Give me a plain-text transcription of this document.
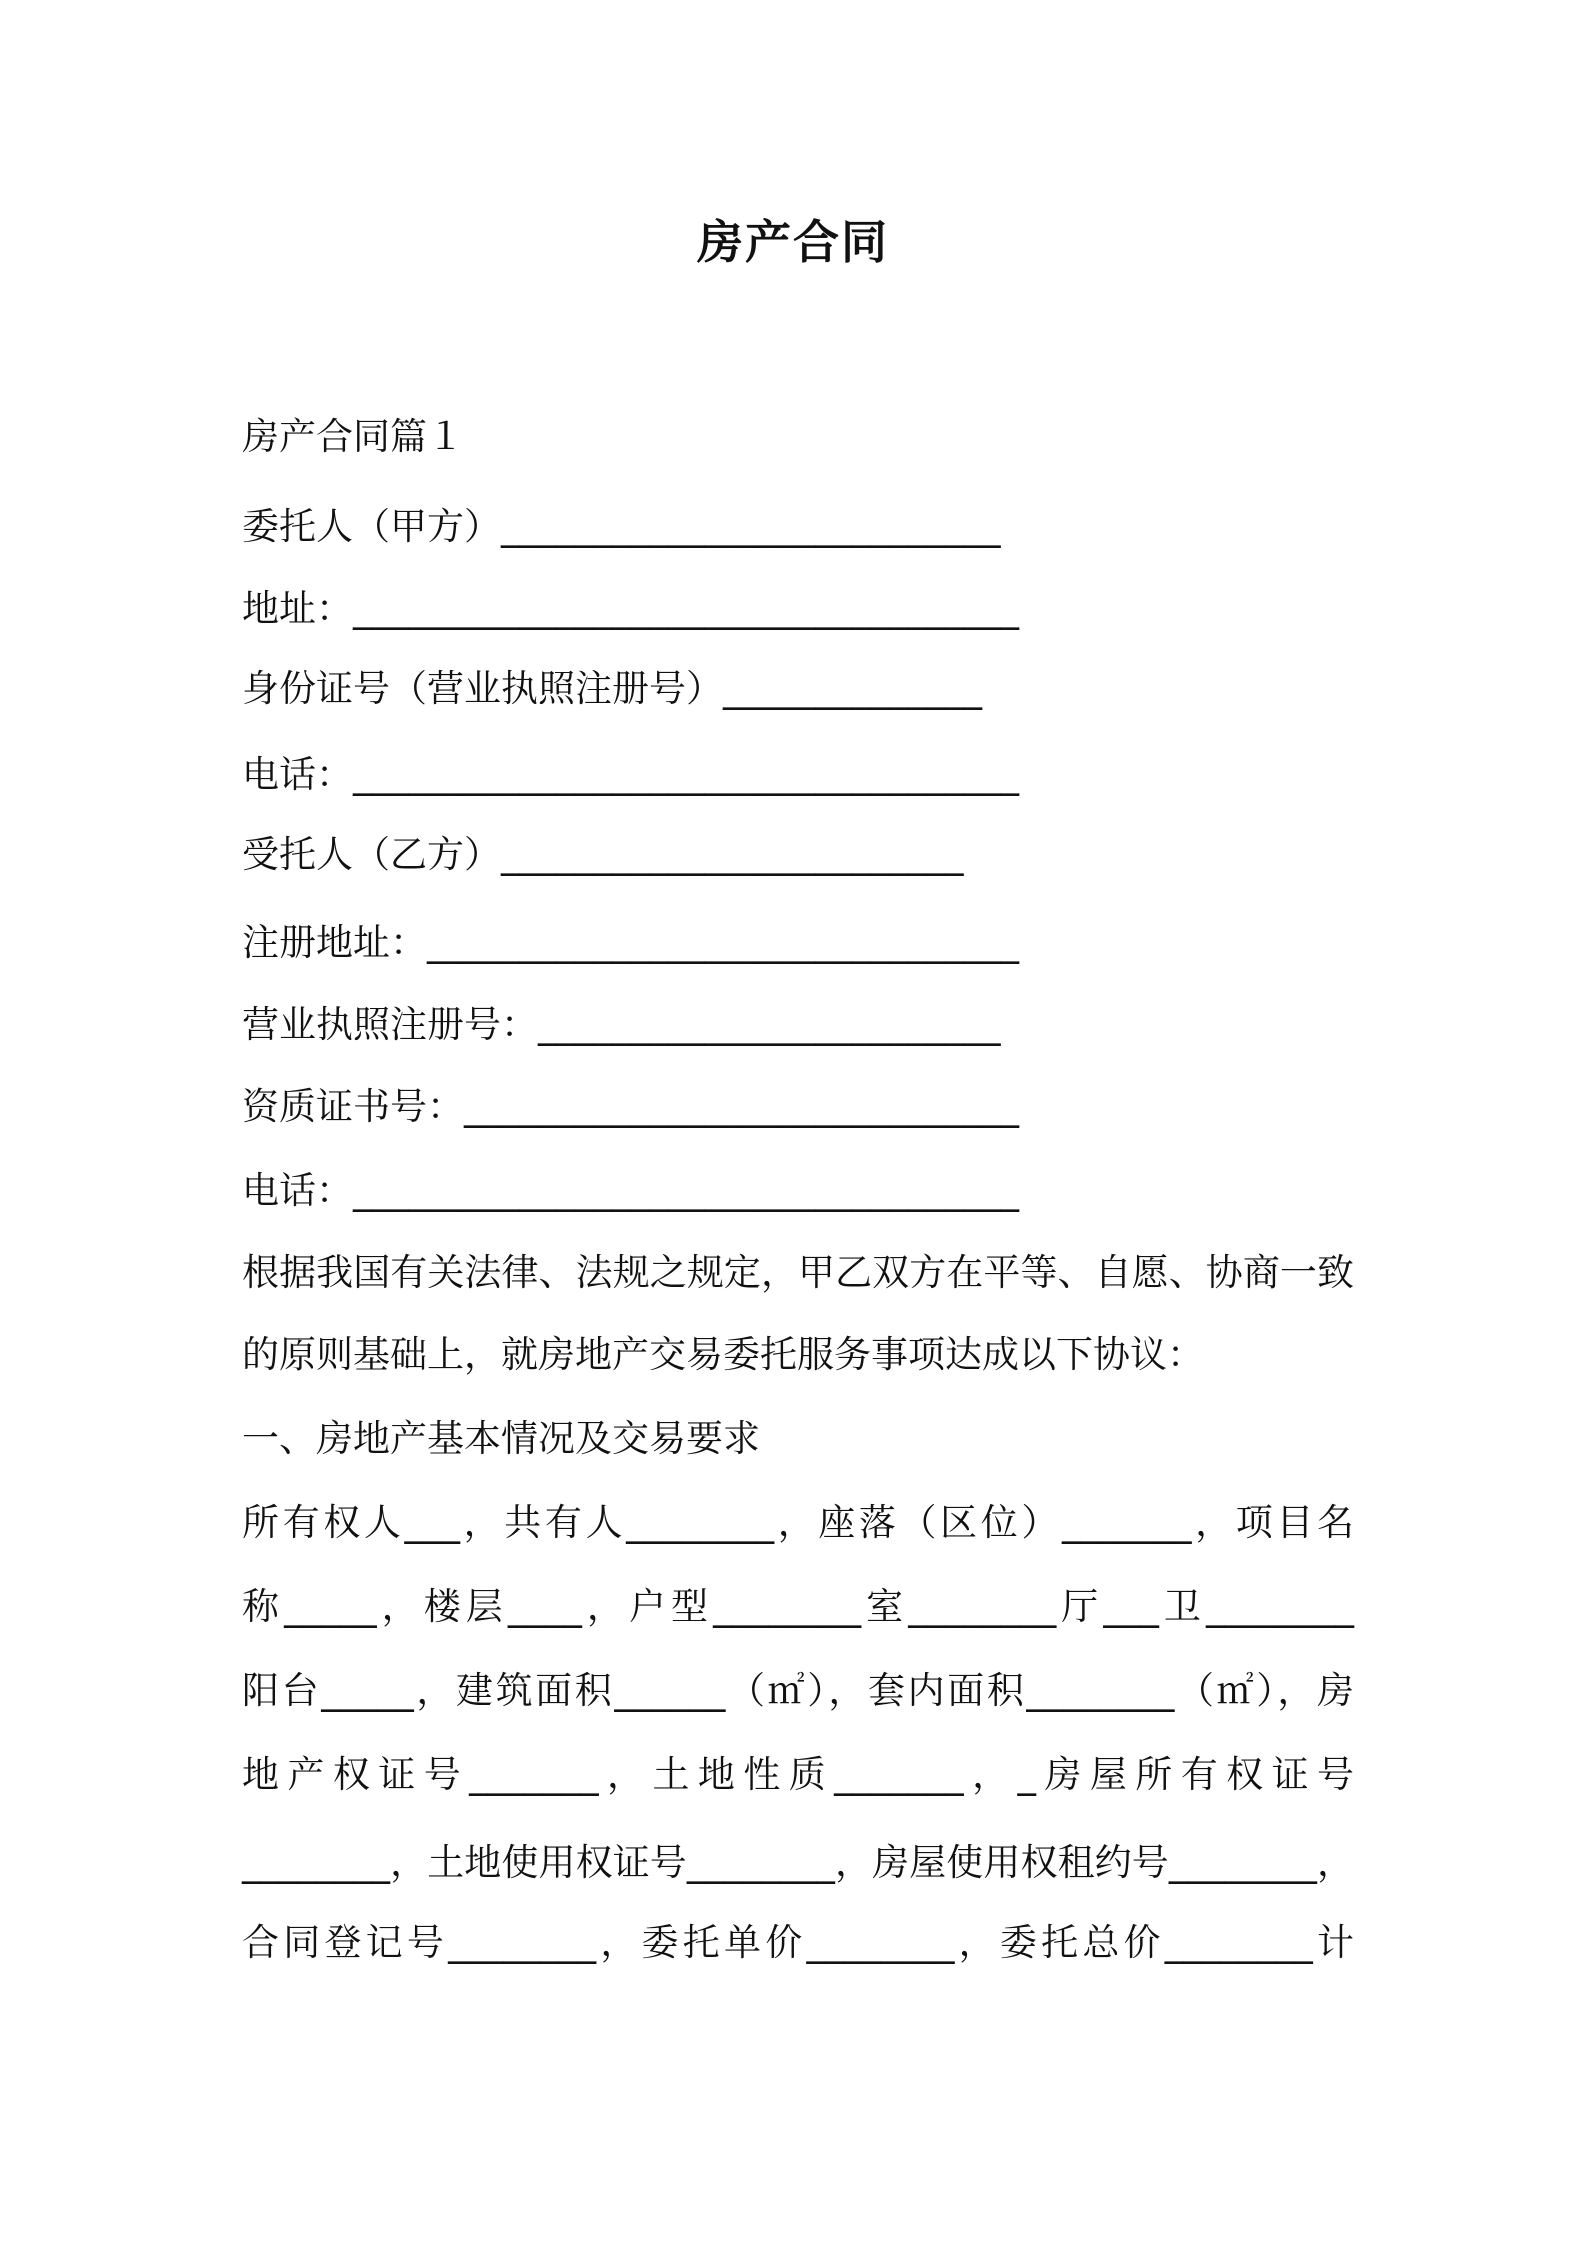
房产合同
房产合同篇１
委托人（甲方）___________________________
地址：____________________________________
身份证号（营业执照注册号）______________
电话：____________________________________
受托人（乙方）_________________________
注册地址：________________________________
营业执照注册号：_________________________
资质证书号：______________________________
电话：____________________________________
根据我国有关法律、法规之规定，甲乙双方在平等、自愿、协商一致
的原则基础上，就房地产交易委托服务事项达成以下协议：
一、房地产基本情况及交易要求
所有权人___，共有人________，座落（区位）_______，项目名
称_____，楼层____，户型________室________厅___卫________
阳台_____，建筑面积______（㎡），套内面积________（㎡），房
地产权证号_______，土地性质_______，_房屋所有权证号
________，土地使用权证号________，房屋使用权租约号________，
合同登记号________，委托单价________，委托总价________计
